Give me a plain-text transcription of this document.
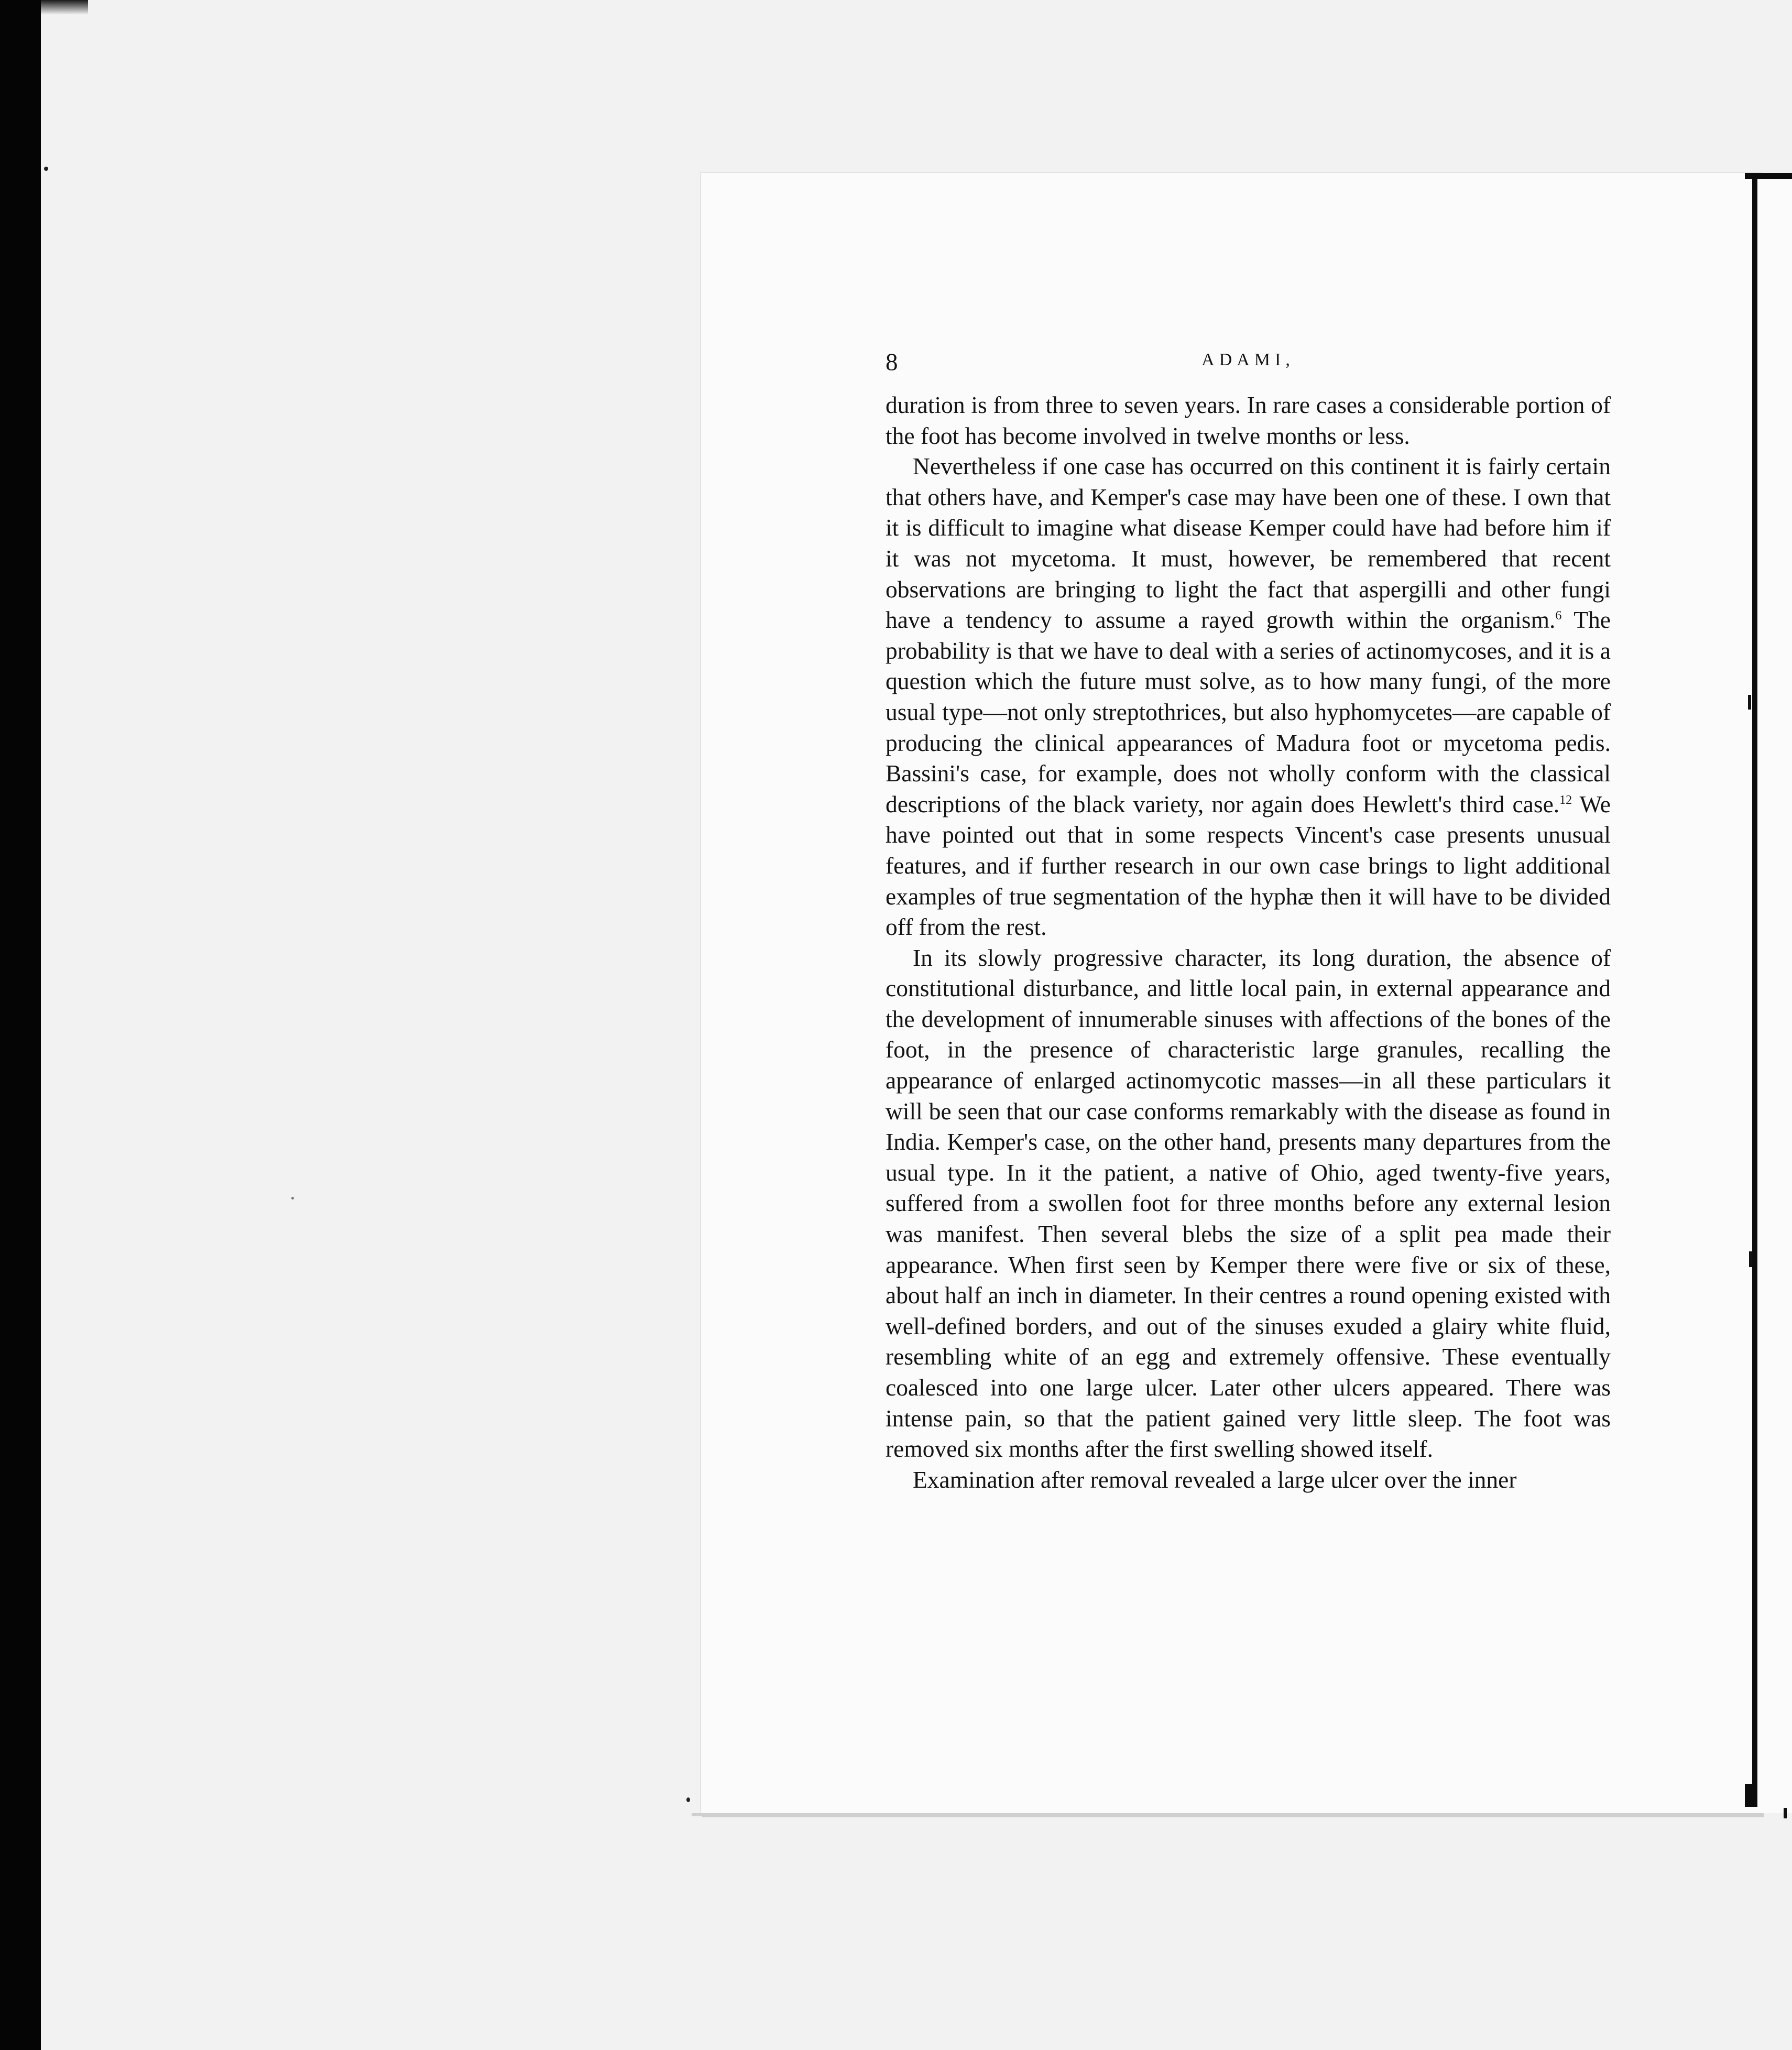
8	ADAMI,

duration is from three to seven years. In rare cases a considerable portion of the foot has become involved in twelve months or less.

Nevertheless if one case has occurred on this continent it is fairly certain that others have, and Kemper's case may have been one of these. I own that it is difficult to imagine what disease Kemper could have had before him if it was not mycetoma. It must, however, be remembered that recent observations are bringing to light the fact that aspergilli and other fungi have a tendency to assume a rayed growth within the organism.$^6$ The probability is that we have to deal with a series of actinomycoses, and it is a question which the future must solve, as to how many fungi, of the more usual type—not only streptothrices, but also hyphomycetes—are capable of producing the clinical appearances of Madura foot or mycetoma pedis. Bassini's case, for example, does not wholly conform with the classical descriptions of the black variety, nor again does Hewlett's third case.$^{12}$ We have pointed out that in some respects Vincent's case presents unusual features, and if further research in our own case brings to light additional examples of true segmentation of the hyphæ then it will have to be divided off from the rest.

In its slowly progressive character, its long duration, the absence of constitutional disturbance, and little local pain, in external appearance and the development of innumerable sinuses with affections of the bones of the foot, in the presence of characteristic large granules, recalling the appearance of enlarged actinomycotic masses—in all these particulars it will be seen that our case conforms remarkably with the disease as found in India. Kemper's case, on the other hand, presents many departures from the usual type. In it the patient, a native of Ohio, aged twenty-five years, suffered from a swollen foot for three months before any external lesion was manifest. Then several blebs the size of a split pea made their appearance. When first seen by Kemper there were five or six of these, about half an inch in diameter. In their centres a round opening existed with well-defined borders, and out of the sinuses exuded a glairy white fluid, resembling white of an egg and extremely offensive. These eventually coalesced into one large ulcer. Later other ulcers appeared. There was intense pain, so that the patient gained very little sleep. The foot was removed six months after the first swelling showed itself.

Examination after removal revealed a large ulcer over the inner
